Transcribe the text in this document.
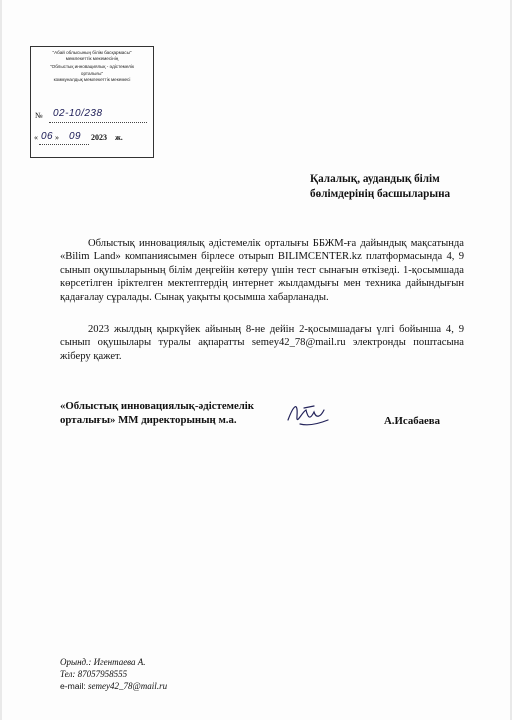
"Абай облысының білім басқармасы"
мемлекеттік мекемесінің
"Облыстық инновациялық - әдістемелік
орталығы"
коммуналдық мемлекеттік мекемесі
№ 02-10/238
« 06 » 09 2023 ж.
Қалалық, аудандық білім бөлімдерінің басшыларына
Облыстық инновациялық әдістемелік орталығы ББЖМ-ға дайындық мақсатында «Bilim Land» компаниясымен бірлесе отырып BILIMCENTER.kz платформасында 4, 9 сынып оқушыларының білім деңгейін көтеру үшін тест сынағын өткізеді. 1-қосымшада көрсетілген іріктелген мектептердің интернет жылдамдығы мен техника дайындығын қадағалау сұралады. Сынақ уақыты қосымша хабарланады.
2023 жылдың қыркүйек айының 8-не дейін 2-қосымшадағы үлгі бойынша 4, 9 сынып оқушылары туралы ақпаратты semey42_78@mail.ru электронды поштасына жіберу қажет.
«Облыстық инновациялық-әдістемелік орталығы» ММ директорының м.а.	А.Исабаева
Орынд.: Игентаева А.
Тел: 87057958555
e-mail: semey42_78@mail.ru
